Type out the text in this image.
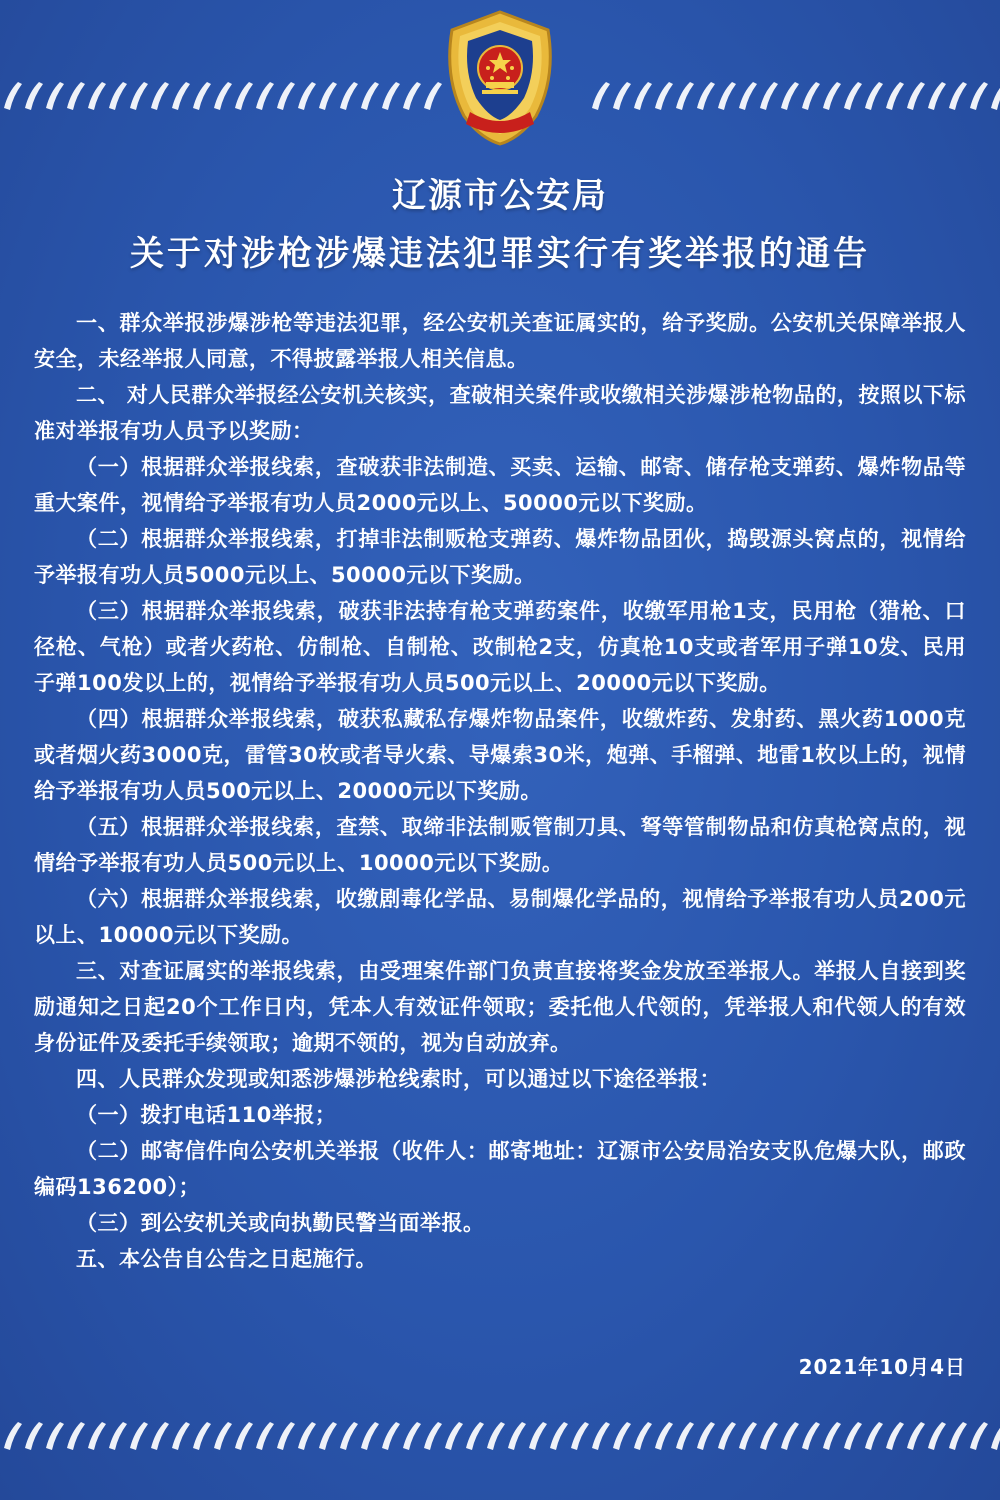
辽源市公安局
关于对涉枪涉爆违法犯罪实行有奖举报的通告

一、群众举报涉爆涉枪等违法犯罪，经公安机关查证属实的，给予奖励。公安机关保障举报人安全，未经举报人同意，不得披露举报人相关信息。

二、 对人民群众举报经公安机关核实，查破相关案件或收缴相关涉爆涉枪物品的，按照以下标准对举报有功人员予以奖励：

（一）根据群众举报线索，查破获非法制造、买卖、运输、邮寄、储存枪支弹药、爆炸物品等重大案件，视情给予举报有功人员2000元以上、50000元以下奖励。

（二）根据群众举报线索，打掉非法制贩枪支弹药、爆炸物品团伙，捣毁源头窝点的，视情给予举报有功人员5000元以上、50000元以下奖励。

（三）根据群众举报线索，破获非法持有枪支弹药案件，收缴军用枪1支，民用枪（猎枪、口径枪、气枪）或者火药枪、仿制枪、自制枪、改制枪2支，仿真枪10支或者军用子弹10发、民用子弹100发以上的，视情给予举报有功人员500元以上、20000元以下奖励。

（四）根据群众举报线索，破获私藏私存爆炸物品案件，收缴炸药、发射药、黑火药1000克或者烟火药3000克，雷管30枚或者导火索、导爆索30米，炮弹、手榴弹、地雷1枚以上的，视情给予举报有功人员500元以上、20000元以下奖励。

（五）根据群众举报线索，查禁、取缔非法制贩管制刀具、弩等管制物品和仿真枪窝点的，视情给予举报有功人员500元以上、10000元以下奖励。

（六）根据群众举报线索，收缴剧毒化学品、易制爆化学品的，视情给予举报有功人员200元以上、10000元以下奖励。

三、对查证属实的举报线索，由受理案件部门负责直接将奖金发放至举报人。举报人自接到奖励通知之日起20个工作日内，凭本人有效证件领取；委托他人代领的，凭举报人和代领人的有效身份证件及委托手续领取；逾期不领的，视为自动放弃。

四、人民群众发现或知悉涉爆涉枪线索时，可以通过以下途径举报：

（一）拨打电话110举报；

（二）邮寄信件向公安机关举报（收件人：邮寄地址：辽源市公安局治安支队危爆大队，邮政编码136200）；

（三）到公安机关或向执勤民警当面举报。

五、本公告自公告之日起施行。

2021年10月4日
